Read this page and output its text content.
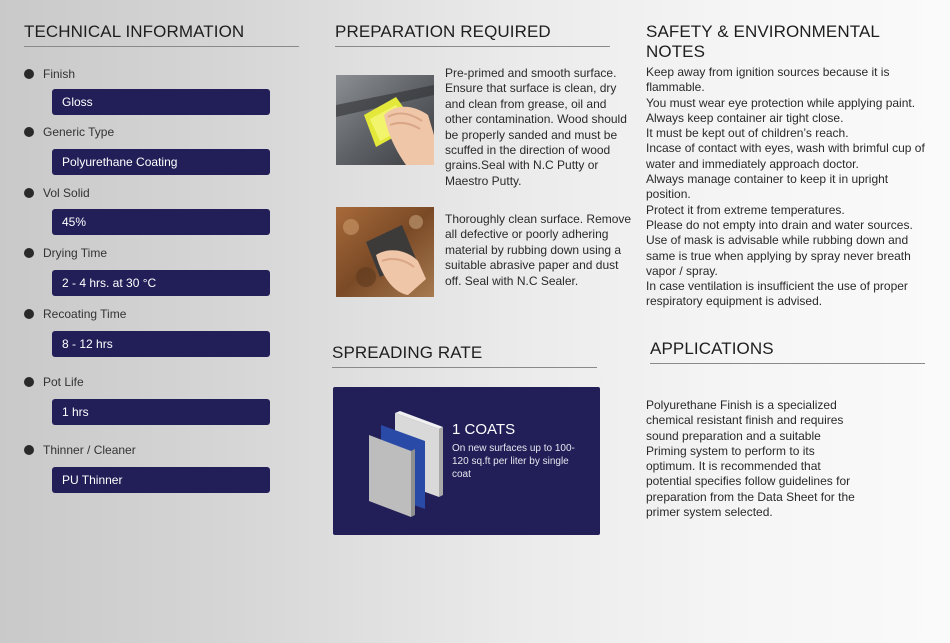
TECHNICAL INFORMATION
Finish
Gloss
Generic Type
Polyurethane Coating
Vol Solid
45%
Drying Time
2 - 4 hrs. at 30 °C
Recoating Time
8 - 12 hrs
Pot Life
1 hrs
Thinner / Cleaner
PU Thinner
PREPARATION REQUIRED
Pre-primed and smooth surface. Ensure that surface is clean, dry and clean from grease, oil and other contamination. Wood should be properly sanded and must be scuffed in the direction of wood grains.Seal with N.C Putty or Maestro Putty.
Thoroughly clean surface. Remove all defective or poorly adhering material by rubbing down using a suitable abrasive paper and dust off. Seal with N.C Sealer.
SPREADING RATE
1 COATS
On new surfaces up to 100-120 sq.ft per liter by single coat
SAFETY & ENVIRONMENTAL NOTES
Keep away from ignition sources because it is flammable.
You must wear eye protection while applying paint.
Always keep container air tight close.
It must be kept out of children’s reach.
Incase of contact with eyes, wash with brimful cup of water and immediately approach doctor.
Always manage container to keep it in upright position.
Protect it from extreme temperatures.
Please do not empty into drain and water sources.
Use of mask is advisable while rubbing down and same is true when applying by spray never breath vapor / spray.
In case ventilation is insufficient the use of proper respiratory equipment is advised.
APPLICATIONS
Polyurethane Finish is a specialized chemical resistant finish and requires sound preparation and a suitable Priming system to perform to its optimum. It is recommended that potential specifies follow guidelines for preparation from the Data Sheet for the primer system selected.
